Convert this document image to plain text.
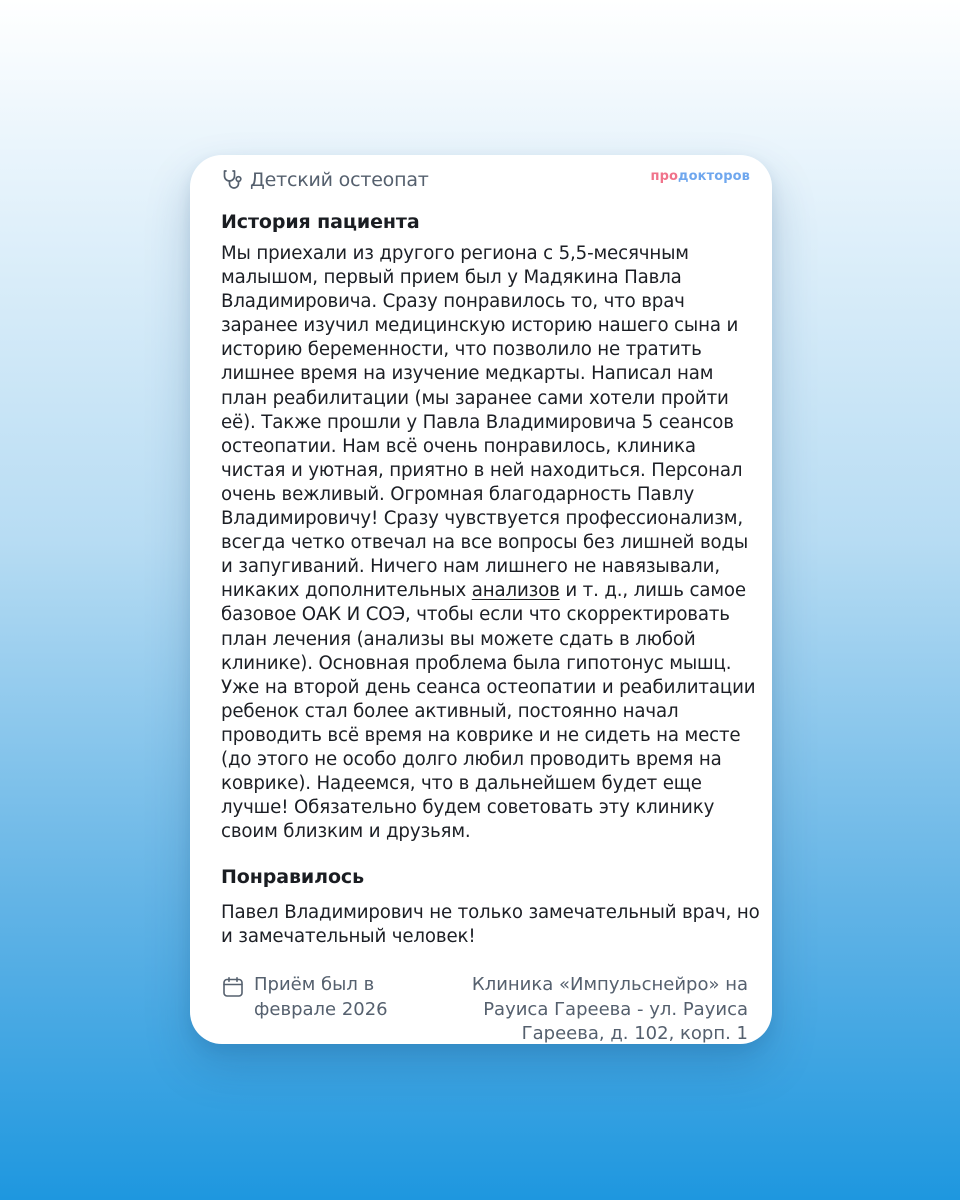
Детский остеопат	продокторов
История пациента

Мы приехали из другого региона с 5,5-месячным малышом, первый прием был у Мадякина Павла Владимировича. Сразу понравилось то, что врач заранее изучил медицинскую историю нашего сына и историю беременности, что позволило не тратить лишнее время на изучение медкарты. Написал нам план реабилитации (мы заранее сами хотели пройти её). Также прошли у Павла Владимировича 5 сеансов остеопатии. Нам всё очень понравилось, клиника чистая и уютная, приятно в ней находиться. Персонал очень вежливый. Огромная благодарность Павлу Владимировичу! Сразу чувствуется профессионализм, всегда четко отвечал на все вопросы без лишней воды и запугиваний. Ничего нам лишнего не навязывали, никаких дополнительных анализов и т. д., лишь самое базовое ОАК И СОЭ, чтобы если что скорректировать план лечения (анализы вы можете сдать в любой клинике). Основная проблема была гипотонус мышц. Уже на второй день сеанса остеопатии и реабилитации ребенок стал более активный, постоянно начал проводить всё время на коврике и не сидеть на месте (до этого не особо долго любил проводить время на коврике). Надеемся, что в дальнейшем будет еще лучше! Обязательно будем советовать эту клинику своим близким и друзьям.

Понравилось

Павел Владимирович не только замечательный врач, но и замечательный человек!

Приём был в феврале 2026
Клиника «Импульснейро» на Рауиса Гареева - ул. Рауиса Гареева, д. 102, корп. 1
